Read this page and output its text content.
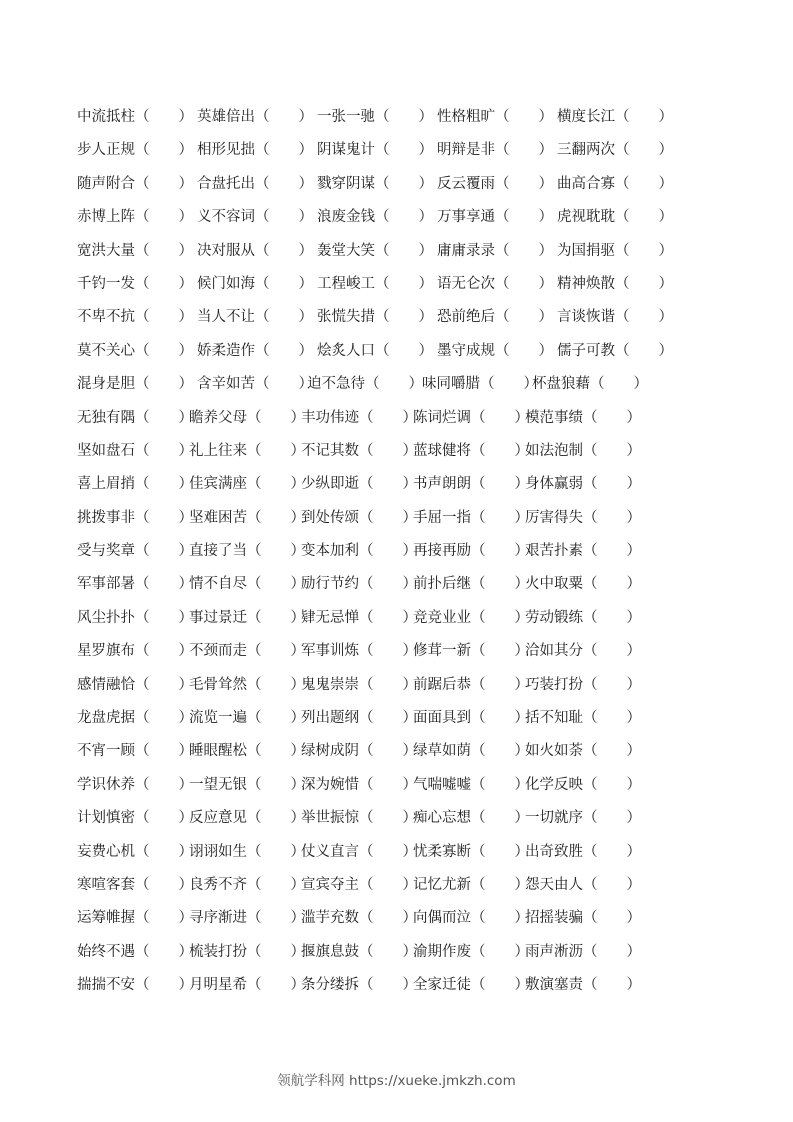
中流抵柱（　　） 英雄倍出（　　） 一张一驰（　　） 性格粗旷（　　） 横度长江（　　）
步人正规（　　） 相形见拙（　　） 阴谋鬼计（　　） 明辩是非（　　） 三翻两次（　　）
随声附合（　　） 合盘托出（　　） 戮穿阴谋（　　） 反云覆雨（　　） 曲高合寡（　　）
赤博上阵（　　） 义不容词（　　） 浪废金钱（　　） 万事享通（　　） 虎视耽耽（　　）
宽洪大量（　　） 决对服从（　　） 轰堂大笑（　　） 庸庸录录（　　） 为国捐驱（　　）
千钓一发（　　） 候门如海（　　） 工程峻工（　　） 语无仑次（　　） 精神焕散（　　）
不卑不抗（　　） 当人不让（　　） 张慌失措（　　） 恐前绝后（　　） 言谈恢谐（　　）
莫不关心（　　） 娇柔造作（　　） 烩炙人口（　　） 墨守成规（　　） 儒子可教（　　）
混身是胆（　　） 含辛如苦（　　）
迫不急待（　　） 味同嚼腊（　　）
杯盘狼藉（　　）
无独有隅（　　）
瞻养父母（　　）
丰功伟迹（　　）
陈词烂调（　　）
模范事绩（　　）
坚如盘石（　　）
礼上往来（　　）
不记其数（　　）
蓝球健将（　　）
如法泡制（　　）
喜上眉捎（　　）
佳宾满座（　　）
少纵即逝（　　）
书声朗朗（　　）
身体赢弱（　　）
挑拨事非（　　）
坚难困苦（　　）
到处传颂（　　）
手屈一指（　　）
厉害得失（　　）
受与奖章（　　）
直接了当（　　）
变本加利（　　）
再接再励（　　）
艰苦扑素（　　）
军事部暑（　　）
情不自尽（　　）
励行节约（　　）
前扑后继（　　）
火中取粟（　　）
风尘扑扑（　　）
事过景迁（　　）
肄无忌惮（　　）
竞竞业业（　　）
劳动锻练（　　）
星罗旗布（　　）
不颈而走（　　）
军事训炼（　　）
修茸一新（　　）
洽如其分（　　）
感情融恰（　　）
毛骨耸然（　　）
鬼鬼崇崇（　　）
前踞后恭（　　）
巧装打扮（　　）
龙盘虎据（　　）
流览一遍（　　）
列出题纲（　　）
面面具到（　　）
括不知耻（　　）
不宵一顾（　　）
睡眼醒松（　　）
绿树成阴（　　）
绿草如荫（　　）
如火如荼（　　）
学识休养（　　）
一望无银（　　）
深为婉惜（　　）
气喘嘘嘘（　　）
化学反映（　　）
计划慎密（　　）
反应意见（　　）
举世振惊（　　）
痴心忘想（　　）
一切就序（　　）
妄费心机（　　）
诩诩如生（　　）
仗义直言（　　）
忧柔寡断（　　）
出奇致胜（　　）
寒喧客套（　　）
良秀不齐（　　）
宣宾夺主（　　）
记忆尤新（　　）
怨天由人（　　）
运筹帷握（　　）
寻序渐进（　　）
滥芋充数（　　）
向偶而泣（　　）
招摇装骗（　　）
始终不遇（　　）
梳装打扮（　　）
揠旗息鼓（　　）
渝期作废（　　）
雨声淅沥（　　）
揣揣不安（　　）
月明星希（　　）
条分缕拆（　　）
全家迁徒（　　）
敷演塞责（　　）
领航学科网 https://xueke.jmkzh.com
